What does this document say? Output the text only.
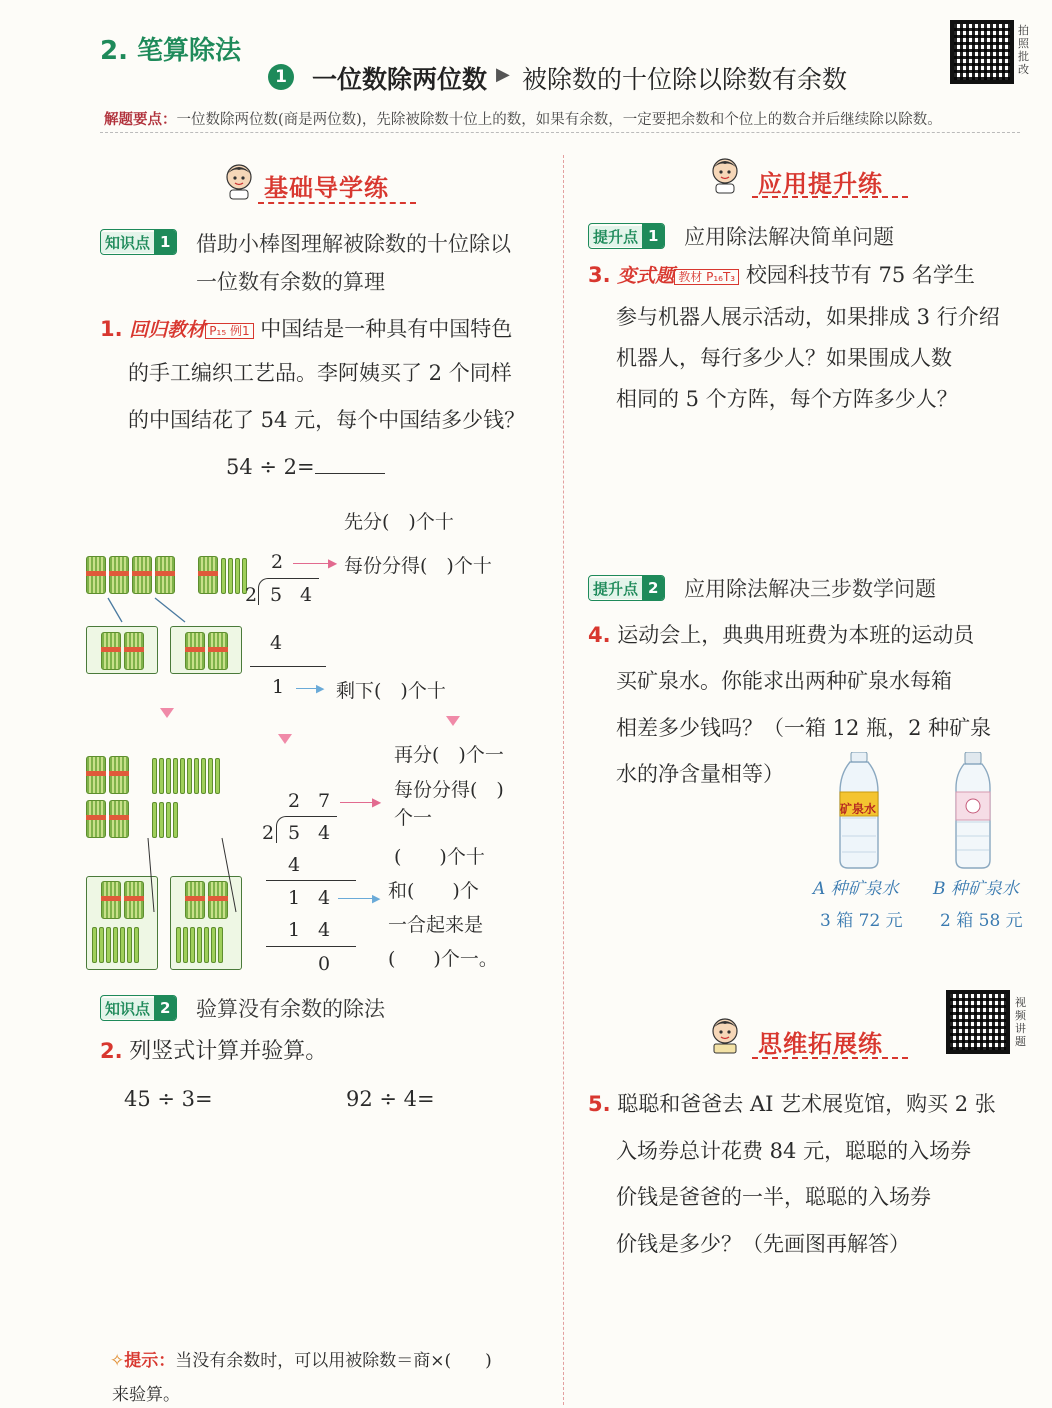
2. 笔算除法
1 一位数除两位数 ▶ 被除数的十位除以除数有余数
拍照批改
解题要点：一位数除两位数(商是两位数)，先除被除数十位上的数，如果有余数，一定要把余数和个位上的数合并后继续除以除数。
基础导学练
知识点 1 借助小棒图理解被除数的十位除以
一位数有余数的算理
1. 回归教材 P₁₅ 例1 中国结是一种具有中国特色
的手工编织工艺品。李阿姨买了 2 个同样
的中国结花了 54 元，每个中国结多少钱？
54 ÷ 2=
先分(　)个十

2	▶ 每份分得(　)个十
2 5 4
4
1	▶ 剩下(　)个十

再分(　)个一
每份分得(　)
个一
2 7	▶
2 5 4
4
1 4	▶
1 4
0
(　　)个十
和(　　)个
一合起来是
(　　)个一。
知识点 2 验算没有余数的除法
2. 列竖式计算并验算。
45 ÷ 3=	92 ÷ 4=
✧提示：当没有余数时，可以用被除数＝商×(　　)
来验算。
应用提升练
提升点 1 应用除法解决简单问题
3. 变式题 教材 P₁₆T₃ 校园科技节有 75 名学生
参与机器人展示活动，如果排成 3 行介绍
机器人，每行多少人？如果围成人数
相同的 5 个方阵，每个方阵多少人？
提升点 2 应用除法解决三步数学问题
4. 运动会上，典典用班费为本班的运动员
买矿泉水。你能求出两种矿泉水每箱
相差多少钱吗？（一箱 12 瓶，2 种矿泉
水的净含量相等）
矿泉水
A 种矿泉水
3 箱 72 元
B 种矿泉水
2 箱 58 元
视频讲题
思维拓展练
5. 聪聪和爸爸去 AI 艺术展览馆，购买 2 张
入场券总计花费 84 元，聪聪的入场券
价钱是爸爸的一半，聪聪的入场券
价钱是多少？（先画图再解答）
